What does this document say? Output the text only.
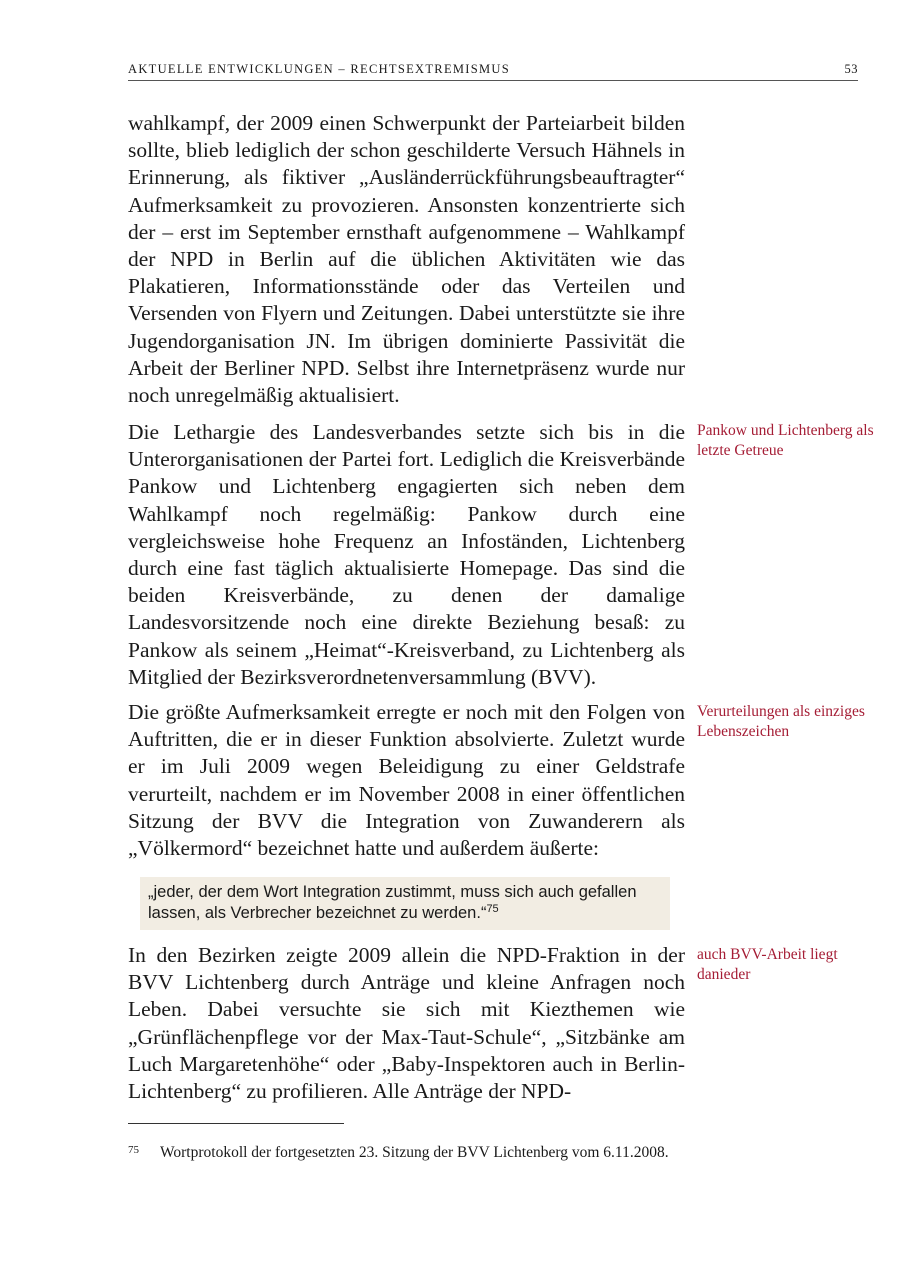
AKTUELLE ENTWICKLUNGEN – RECHTSEXTREMISMUS	53

wahlkampf, der 2009 einen Schwerpunkt der Parteiarbeit bilden sollte, blieb lediglich der schon geschilderte Versuch Hähnels in Erinnerung, als fiktiver „Ausländerrückführungsbeauftragter“ Aufmerksamkeit zu provozieren. Ansonsten konzentrierte sich der – erst im September ernsthaft aufgenommene – Wahlkampf der NPD in Berlin auf die üblichen Aktivitäten wie das Plakatieren, Informationsstände oder das Verteilen und Versenden von Flyern und Zeitungen. Dabei unterstützte sie ihre Jugendorganisation JN. Im übrigen dominierte Passivität die Arbeit der Berliner NPD. Selbst ihre Internetpräsenz wurde nur noch unregelmäßig aktualisiert.

Die Lethargie des Landesverbandes setzte sich bis in die Unterorganisationen der Partei fort. Lediglich die Kreisverbände Pankow und Lichtenberg engagierten sich neben dem Wahlkampf noch regelmäßig: Pankow durch eine vergleichsweise hohe Frequenz an Infoständen, Lichtenberg durch eine fast täglich aktualisierte Homepage. Das sind die beiden Kreisverbände, zu denen der damalige Landesvorsitzende noch eine direkte Beziehung besaß: zu Pankow als seinem „Heimat“-Kreisverband, zu Lichtenberg als Mitglied der Bezirksverordnetenversammlung (BVV).

Pankow und Lichtenberg als letzte Getreue

Die größte Aufmerksamkeit erregte er noch mit den Folgen von Auftritten, die er in dieser Funktion absolvierte. Zuletzt wurde er im Juli 2009 wegen Beleidigung zu einer Geldstrafe verurteilt, nachdem er im November 2008 in einer öffentlichen Sitzung der BVV die Integration von Zuwanderern als „Völkermord“ bezeichnet hatte und außerdem äußerte:

Verurteilungen als einziges Lebenszeichen
„jeder, der dem Wort Integration zustimmt, muss sich auch gefallen lassen, als Verbrecher bezeichnet zu werden.“$^{75}$

In den Bezirken zeigte 2009 allein die NPD-Fraktion in der BVV Lichtenberg durch Anträge und kleine Anfragen noch Leben. Dabei versuchte sie sich mit Kiezthemen wie „Grünflächenpflege vor der Max-Taut-Schule“, „Sitzbänke am Luch Margaretenhöhe“ oder „Baby-Inspektoren auch in Berlin-Lichtenberg“ zu profilieren. Alle Anträge der NPD-

auch BVV-Arbeit liegt danieder
75	Wortprotokoll der fortgesetzten 23. Sitzung der BVV Lichtenberg vom 6.11.2008.
